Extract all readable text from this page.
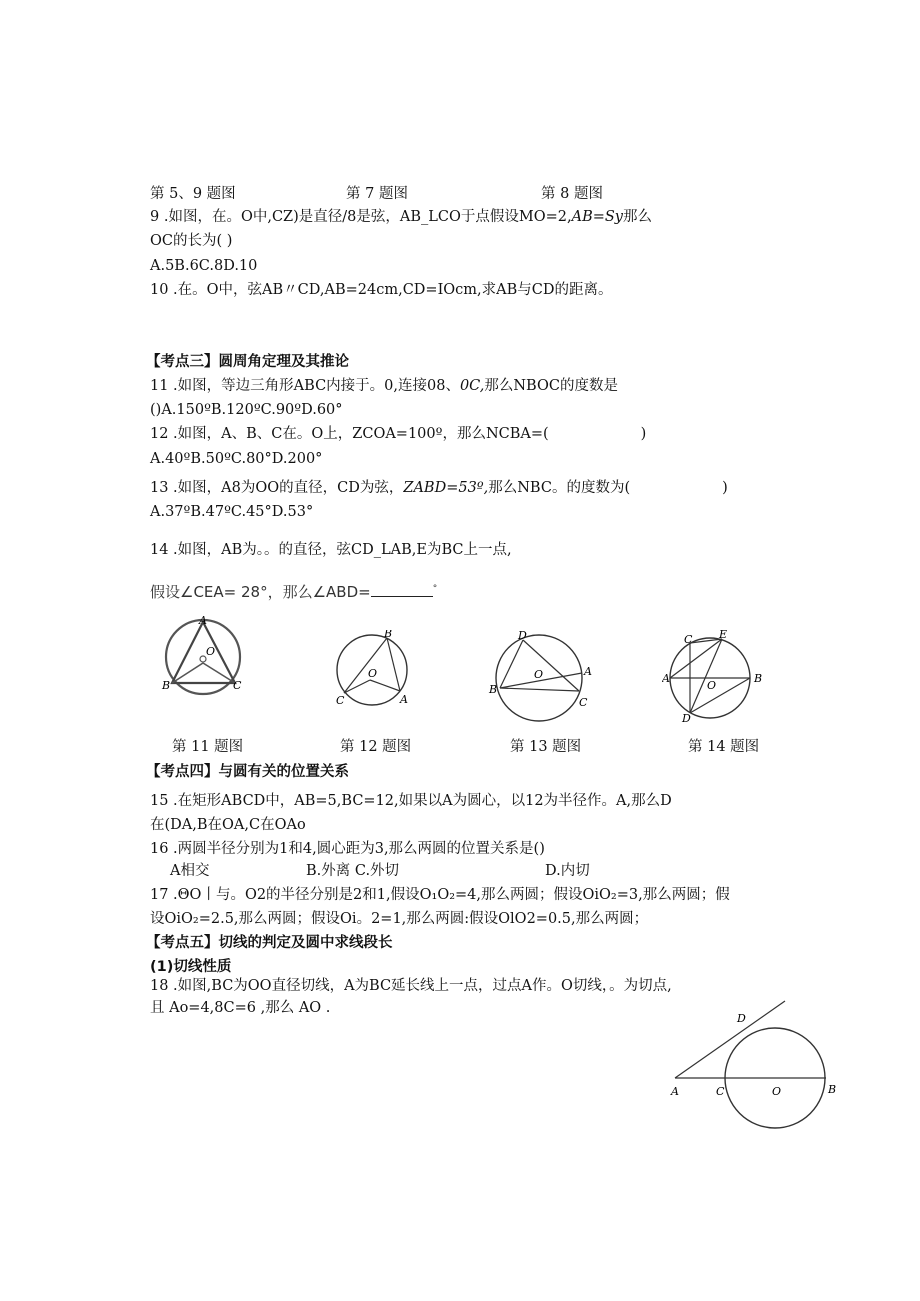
第 5、9 题图	第 7 题图	第 8 题图
9 .如图，在。O中,CZ)是直径/8是弦，AB_LCO于点假设MO=2,AB=Sy那么
OC的长为( )
A.5B.6C.8D.10
10 .在。O中，弦AB〃CD,AB=24cm,CD=IOcm,求AB与CD的距离。
【考点三】圆周角定理及其推论
11 .如图，等边三角形ABC内接于。0,连接08、0C,那么NBOC的度数是
()A.150ºB.120ºC.90ºD.60°
12 .如图，A、B、C在。O上，ZCOA=100º，那么NCBA=(	)
A.40ºB.50ºC.80°D.200°
13 .如图，A8为OO的直径，CD为弦，ZABD=53º,那么NBC。的度数为(	)
A.37ºB.47ºC.45°D.53°
14 .如图，AB为。。的直径，弦CD_LAB,E为BC上一点,
假设∠CEA= 28°，那么∠ABD=	°
A
O
B	C
B
C	A
O
D
A
O
B
C
C E
A
O
B
D
第 11 题图	第 12 题图	第 13 题图	第 14 题图
【考点四】与圆有关的位置关系
15 .在矩形ABCD中，AB=5,BC=12,如果以A为圆心，以12为半径作。A,那么D
在(DA,B在OA,C在OAo
16 .两圆半径分别为1和4,圆心距为3,那么两圆的位置关系是()
A相交	B.外离 C.外切	D.内切
17 .ΘO丨与。O2的半径分别是2和1,假设O₁O₂=4,那么两圆；假设OiO₂=3,那么两圆；假
设OiO₂=2.5,那么两圆；假设Oi。2=1,那么两圆:假设OlO2=0.5,那么两圆；
【考点五】切线的判定及圆中求线段长
(1)切线性质
18 .如图,BC为OO直径切线，A为BC延长线上一点，过点A作。O切线，。为切点,
且 Ao=4,8C=6 ,那么 AO .
D
A	C	O	B
